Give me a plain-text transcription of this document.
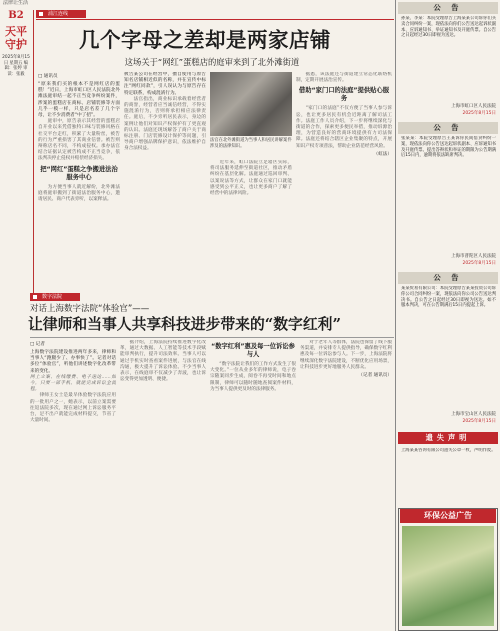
法律让生活
B2
天平守护
2025年8月15日 星期五 编辑：张婷 审读：张毅
浦江连线
几个字母之差却是两家店铺
这场关于“网红”蛋糕店的庭审来到了北外滩街道
□ 通讯员
“原来我们买的根本不是网红店的蛋糕！”近日，上海市虹口区人民法院北外滩法庭审结一起不正当竞争纠纷案件，涉案的蛋糕店在商标、店铺装修等方面几乎一模一样，只是店名差了几个字母，让不少消费者“中了招”。
　　庭审中，原告表示其经营的蛋糕店自开业以来凭借独特口味与装修风格在社交平台走红，积累了大量粉丝，被告的行为严重损害了其商业信誉。被告则辩称店名不同，不构成侵权。承办法官结合证据认定被告构成不正当竞争，依法判决停止侵权并赔偿经济损失。
把“网红”蛋糕之争搬进法治服务中心
　　为方便当事人就近解纷，北外滩法庭将庭审搬到了街道法治服务中心，邀请居民、商户代表旁听，以案释法。
被告某公司在经营中，擅自使用与原告知名店铺相近似的名称，并在宣传中标注“网红同款”，引人误认为与原告存在特定联系，构成混淆行为。
　　法官指出，商业标识承载着经营者的商誉，经营者应当诚信经营，不得实施混淆行为，否则将承担相应法律责任。庭后，不少旁听居民表示，身边的案例让他们对知识产权保护有了更直观的认识。法庭还现场解答了商户关于商标注册、门店装修设计保护等问题，引导商户增强品牌保护意识，依法维护自身合法权益。
法官在北外滩街道为当事人和居民讲解案件涉及的法律知识。
　　近年来，虹口法院立足辖区实际，将司法服务延伸至街道社区，推动矛盾纠纷在基层化解。法庭通过巡回审判、以案说法等方式，让群众在家门口就能感受到公平正义，也让更多商户了解了经营中的法律风险。
　　据悉，该法庭还与街道建立常态化联络机制，定期开展法治宣传。
借助“家门口的法庭”提供贴心服务
　　“家门口的法庭”不仅方便了当事人参与诉讼，也让更多居民有机会近距离了解司法工作。法庭工作人员介绍，下一步将继续深化与街道的合作，探索更多便民举措，推动诉源治理，为营造良好的营商环境提供有力司法保障。法庭还将结合辖区企业集聚的特点，开展知识产权专项普法，帮助企业防范经营风险。
（虹法）
数字法院
对话上海数字法院“体验官”——
让律师和当事人共享科技进步带来的“数字红利”
□ 记者
上海数字法院建设推进两年多来，律师和当事人“跑腿少了、办事快了”。记者对话多位“体验官”，听他们讲述数字化改革带来的变化。
网上立案、在线缴费、电子送达……如今，只要一部手机，就能完成诉讼全流程。
　　律师王女士是最早体验数字法院应用的一批用户之一，她表示，以前立案需要往返法院多次，现在通过网上诉讼服务平台，足不出户就能完成材料提交，节省了大量时间。
　　据介绍，上海法院持续推进数字化改革，通过大数据、人工智能等技术手段赋能审判执行，提升司法效率。当事人可以通过手机实时查看案件进展，与法官在线沟通，极大提升了诉讼体验。不少当事人表示，在线庭审不仅减少了奔波，也让诉讼变得更加透明、便捷。
“数字红利”惠及每一位诉讼参与人
　　“数字法院让我们的工作方式发生了很大变化。”一位从业多年的律师说，电子卷宗随案同步生成，阅卷不再受时间和地点限制，律师可以随时随地查阅案件材料，为当事人提供更及时的法律服务。
　　对于老年人等群体，法院也保留了线下服务渠道，并安排专人提供指导，确保数字红利惠及每一位诉讼参与人。下一步，上海法院将继续深化数字法院建设，不断优化应用场景，让科技进步更好地服务人民群众。
（记者 通讯员）
公 告
孙某、李某：本院受理原告上海某某公司诉你们买卖合同纠纷一案，现依法向你们公告送达起诉状副本、应诉通知书、举证通知书及开庭传票。自公告之日起经过30日即视为送达。
上海市虹口区人民法院
2025年8月15日
公 告
张某某：本院受理原告王某诉你民间借贷纠纷一案，现依法向你公告送达起诉状副本、应诉通知书及开庭传票。提出答辩状和举证的期限为公告期满后15日内，逾期将依法缺席判决。
上海市普陀区人民法院
2025年8月15日
公 告
某某贸易有限公司：本院受理原告某某投资公司诉你公司合同纠纷一案，现依法向你公司公告送达判决书。自公告之日起经过30日即视为送达。如不服本判决，可在公告期满后15日内提起上诉。
上海市宝山区人民法院
2025年8月15日
遗失声明
上海某某咨询有限公司遗失公章一枚，声明作废。
环保公益广告
